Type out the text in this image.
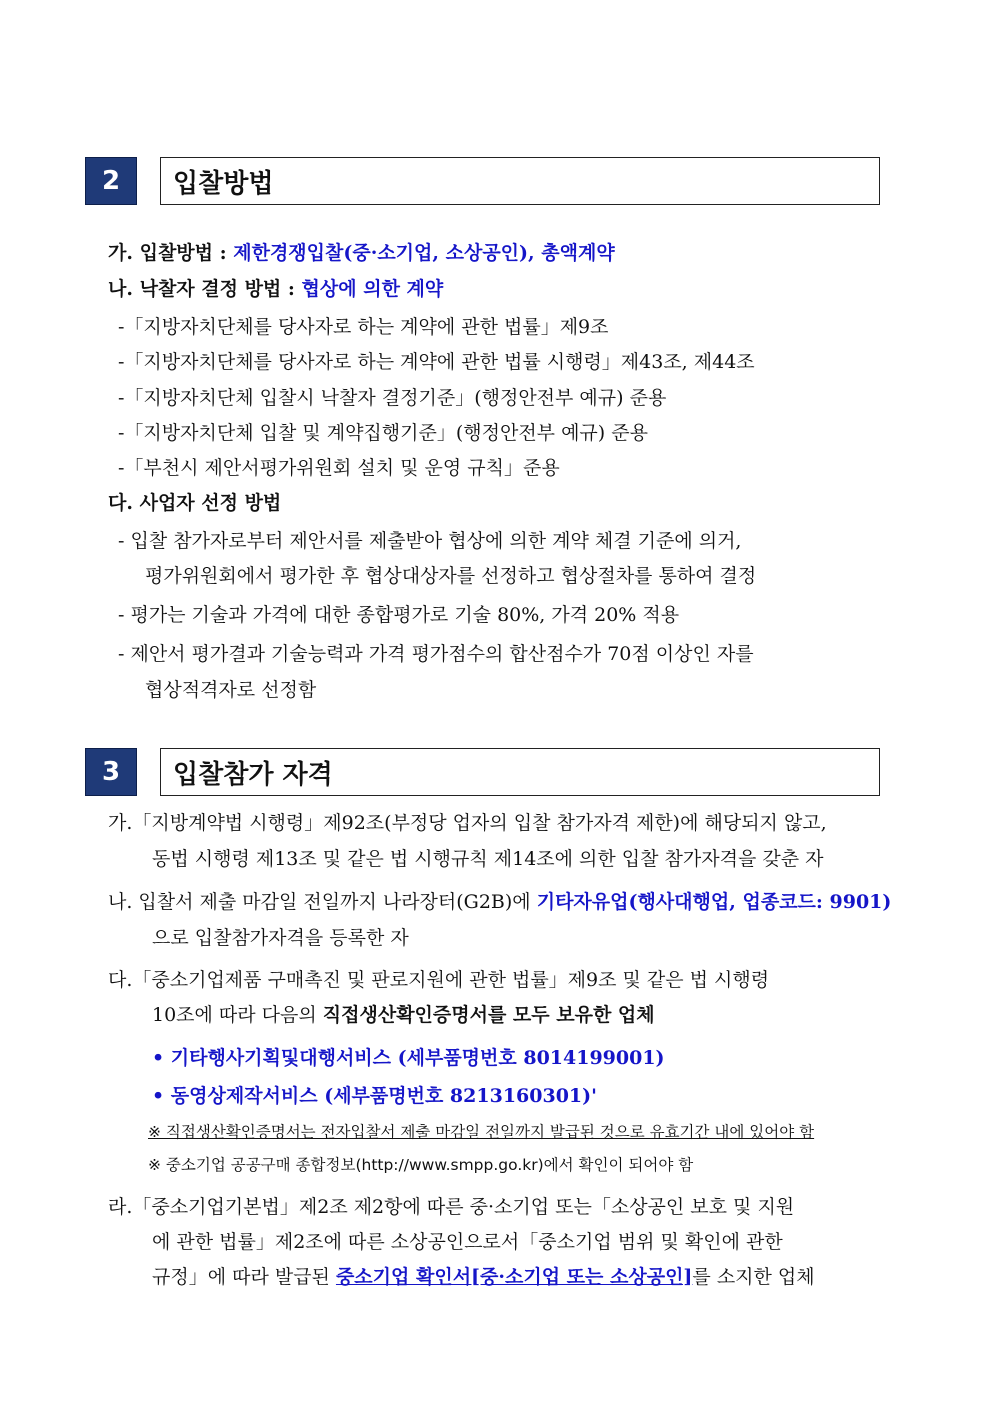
2	입찰방법
가. 입찰방법 : 제한경쟁입찰(중·소기업, 소상공인), 총액계약
나. 낙찰자 결정 방법 : 협상에 의한 계약
-「지방자치단체를 당사자로 하는 계약에 관한 법률」제9조
-「지방자치단체를 당사자로 하는 계약에 관한 법률 시행령」제43조, 제44조
-「지방자치단체 입찰시 낙찰자 결정기준」(행정안전부 예규) 준용
-「지방자치단체 입찰 및 계약집행기준」(행정안전부 예규) 준용
-「부천시 제안서평가위원회 설치 및 운영 규칙」준용
다. 사업자 선정 방법
- 입찰 참가자로부터 제안서를 제출받아 협상에 의한 계약 체결 기준에 의거,
평가위원회에서 평가한 후 협상대상자를 선정하고 협상절차를 통하여 결정
- 평가는 기술과 가격에 대한 종합평가로 기술 80%, 가격 20% 적용
- 제안서 평가결과 기술능력과 가격 평가점수의 합산점수가 70점 이상인 자를
협상적격자로 선정함
3	입찰참가 자격
가.「지방계약법 시행령」제92조(부정당 업자의 입찰 참가자격 제한)에 해당되지 않고,
동법 시행령 제13조 및 같은 법 시행규칙 제14조에 의한 입찰 참가자격을 갖춘 자
나. 입찰서 제출 마감일 전일까지 나라장터(G2B)에 기타자유업(행사대행업, 업종코드: 9901)
으로 입찰참가자격을 등록한 자
다.「중소기업제품 구매촉진 및 판로지원에 관한 법률」제9조 및 같은 법 시행령
10조에 따라 다음의 직접생산확인증명서를 모두 보유한 업체
• 기타행사기획및대행서비스 (세부품명번호 8014199001)
• 동영상제작서비스 (세부품명번호 8213160301)'
※ 직접생산확인증명서는 전자입찰서 제출 마감일 전일까지 발급된 것으로 유효기간 내에 있어야 함
※ 중소기업 공공구매 종합정보(http://www.smpp.go.kr)에서 확인이 되어야 함
라.「중소기업기본법」제2조 제2항에 따른 중·소기업 또는「소상공인 보호 및 지원
에 관한 법률」제2조에 따른 소상공인으로서「중소기업 범위 및 확인에 관한
규정」에 따라 발급된 중소기업 확인서[중·소기업 또는 소상공인]를 소지한 업체
